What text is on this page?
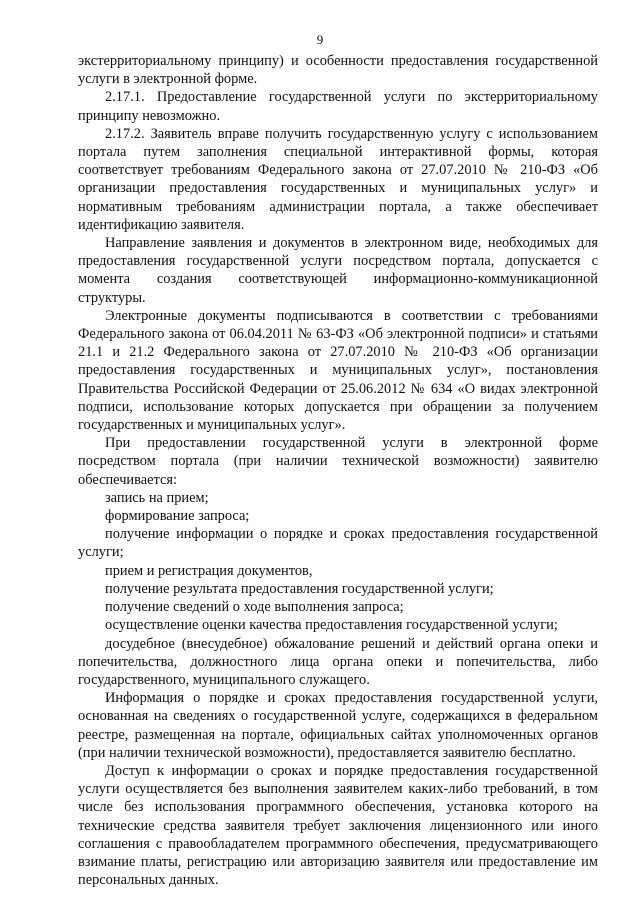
9

экстерриториальному принципу) и особенности предоставления государственной услуги в электронной форме.

2.17.1. Предоставление государственной услуги по экстерриториальному принципу невозможно.

2.17.2. Заявитель вправе получить государственную услугу с использованием портала путем заполнения специальной интерактивной формы, которая соответствует требованиям Федерального закона от 27.07.2010 № 210-ФЗ «Об организации предоставления государственных и муниципальных услуг» и нормативным требованиям администрации портала, а также обеспечивает идентификацию заявителя.

Направление заявления и документов в электронном виде, необходимых для предоставления государственной услуги посредством портала, допускается с момента создания соответствующей информационно-коммуникационной структуры.

Электронные документы подписываются в соответствии с требованиями Федерального закона от 06.04.2011 № 63-ФЗ «Об электронной подписи» и статьями 21.1 и 21.2 Федерального закона от 27.07.2010 № 210-ФЗ «Об организации предоставления государственных и муниципальных услуг», постановления Правительства Российской Федерации от 25.06.2012 № 634 «О видах электронной подписи, использование которых допускается при обращении за получением государственных и муниципальных услуг».

При предоставлении государственной услуги в электронной форме посредством портала (при наличии технической возможности) заявителю обеспечивается:

запись на прием;

формирование запроса;

получение информации о порядке и сроках предоставления государственной услуги;

прием и регистрация документов,

получение результата предоставления государственной услуги;

получение сведений о ходе выполнения запроса;

осуществление оценки качества предоставления государственной услуги;

досудебное (внесудебное) обжалование решений и действий органа опеки и попечительства, должностного лица органа опеки и попечительства, либо государственного, муниципального служащего.

Информация о порядке и сроках предоставления государственной услуги, основанная на сведениях о государственной услуге, содержащихся в федеральном реестре, размещенная на портале, официальных сайтах уполномоченных органов (при наличии технической возможности), предоставляется заявителю бесплатно.

Доступ к информации о сроках и порядке предоставления государственной услуги осуществляется без выполнения заявителем каких-либо требований, в том числе без использования программного обеспечения, установка которого на технические средства заявителя требует заключения лицензионного или иного соглашения с правообладателем программного обеспечения, предусматривающего взимание платы, регистрацию или авторизацию заявителя или предоставление им персональных данных.
